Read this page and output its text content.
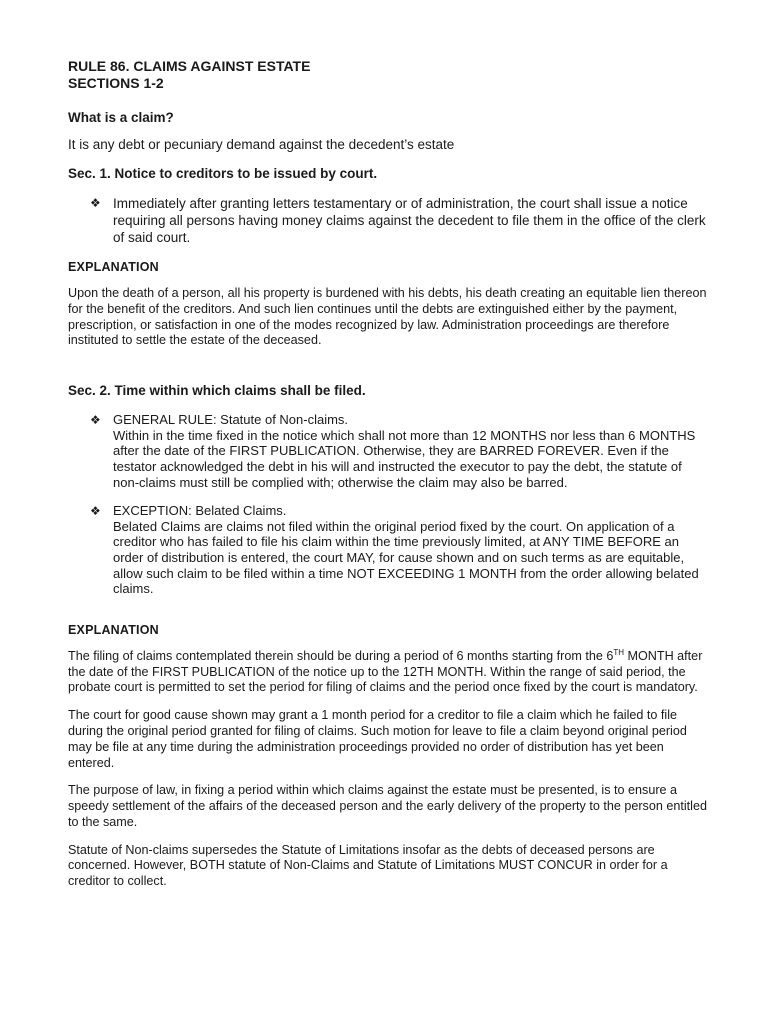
RULE 86. CLAIMS AGAINST ESTATE

SECTIONS 1-2

What is a claim?

It is any debt or pecuniary demand against the decedent’s estate

Sec. 1. Notice to creditors to be issued by court.

❖ Immediately after granting letters testamentary or of administration, the court shall issue a notice requiring all persons having money claims against the decedent to file them in the office of the clerk of said court.

EXPLANATION

Upon the death of a person, all his property is burdened with his debts, his death creating an equitable lien thereon for the benefit of the creditors. And such lien continues until the debts are extinguished either by the payment, prescription, or satisfaction in one of the modes recognized by law. Administration proceedings are therefore instituted to settle the estate of the deceased.

Sec. 2. Time within which claims shall be filed.

❖ GENERAL RULE: Statute of Non-claims.
Within in the time fixed in the notice which shall not more than 12 MONTHS nor less than 6 MONTHS after the date of the FIRST PUBLICATION. Otherwise, they are BARRED FOREVER. Even if the testator acknowledged the debt in his will and instructed the executor to pay the debt, the statute of non-claims must still be complied with; otherwise the claim may also be barred.
❖ EXCEPTION: Belated Claims.
Belated Claims are claims not filed within the original period fixed by the court. On application of a creditor who has failed to file his claim within the time previously limited, at ANY TIME BEFORE an order of distribution is entered, the court MAY, for cause shown and on such terms as are equitable, allow such claim to be filed within a time NOT EXCEEDING 1 MONTH from the order allowing belated claims.

EXPLANATION

The filing of claims contemplated therein should be during a period of 6 months starting from the 6TH MONTH after the date of the FIRST PUBLICATION of the notice up to the 12TH MONTH. Within the range of said period, the probate court is permitted to set the period for filing of claims and the period once fixed by the court is mandatory.

The court for good cause shown may grant a 1 month period for a creditor to file a claim which he failed to file during the original period granted for filing of claims. Such motion for leave to file a claim beyond original period may be file at any time during the administration proceedings provided no order of distribution has yet been entered.

The purpose of law, in fixing a period within which claims against the estate must be presented, is to ensure a speedy settlement of the affairs of the deceased person and the early delivery of the property to the person entitled to the same.

Statute of Non-claims supersedes the Statute of Limitations insofar as the debts of deceased persons are concerned. However, BOTH statute of Non-Claims and Statute of Limitations MUST CONCUR in order for a creditor to collect.
